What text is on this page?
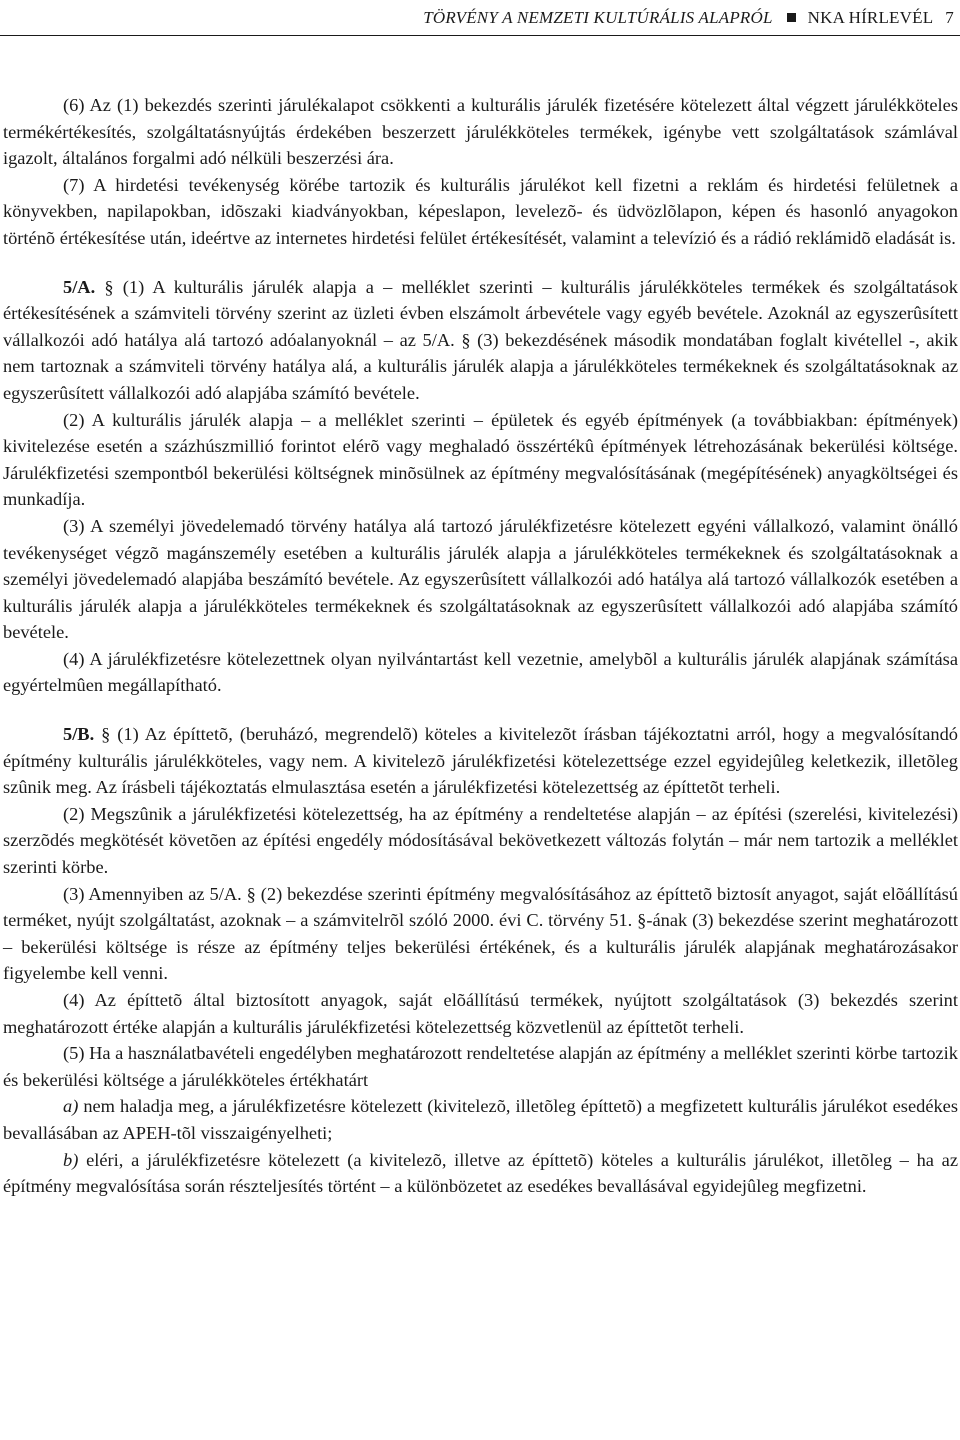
TÖRVÉNY A NEMZETI KULTÚRÁLIS ALAPRÓL NKA HÍRLEVÉL 7

(6) Az (1) bekezdés szerinti járulékalapot csökkenti a kulturális járulék fizetésére kötelezett által végzett járulékköteles termékértékesítés, szolgáltatásnyújtás érdekében beszerzett járulékköteles termékek, igénybe vett szolgáltatások számlával igazolt, általános forgalmi adó nélküli beszerzési ára.

(7) A hirdetési tevékenység körébe tartozik és kulturális járulékot kell fizetni a reklám és hirdetési felületnek a könyvekben, napilapokban, idõszaki kiadványokban, képeslapon, levelezõ- és üdvözlõlapon, képen és hasonló anyagokon történõ értékesítése után, ideértve az internetes hirdetési felület értékesítését, valamint a televízió és a rádió reklámidõ eladását is.

5/A. § (1) A kulturális járulék alapja a – melléklet szerinti – kulturális járulékköteles termékek és szolgáltatások értékesítésének a számviteli törvény szerint az üzleti évben elszámolt árbevétele vagy egyéb bevétele. Azoknál az egyszerûsített vállalkozói adó hatálya alá tartozó adóalanyoknál – az 5/A. § (3) bekezdésének második mondatában foglalt kivétellel -, akik nem tartoznak a számviteli törvény hatálya alá, a kulturális járulék alapja a járulékköteles termékeknek és szolgáltatásoknak az egyszerûsített vállalkozói adó alapjába számító bevétele.

(2) A kulturális járulék alapja – a melléklet szerinti – épületek és egyéb építmények (a továbbiakban: építmények) kivitelezése esetén a százhúszmillió forintot elérõ vagy meghaladó összértékû építmények létrehozásának bekerülési költsége. Járulékfizetési szempontból bekerülési költségnek minõsülnek az építmény megvalósításának (megépítésének) anyagköltségei és munkadíja.

(3) A személyi jövedelemadó törvény hatálya alá tartozó járulékfizetésre kötelezett egyéni vállalkozó, valamint önálló tevékenységet végzõ magánszemély esetében a kulturális járulék alapja a járulékköteles termékeknek és szolgáltatásoknak a személyi jövedelemadó alapjába beszámító bevétele. Az egyszerûsített vállalkozói adó hatálya alá tartozó vállalkozók esetében a kulturális járulék alapja a járulékköteles termékeknek és szolgáltatásoknak az egyszerûsített vállalkozói adó alapjába számító bevétele.

(4) A járulékfizetésre kötelezettnek olyan nyilvántartást kell vezetnie, amelybõl a kulturális járulék alapjának számítása egyértelmûen megállapítható.

5/B. § (1) Az építtetõ, (beruházó, megrendelõ) köteles a kivitelezõt írásban tájékoztatni arról, hogy a megvalósítandó építmény kulturális járulékköteles, vagy nem. A kivitelezõ járulékfizetési kötelezettsége ezzel egyidejûleg keletkezik, illetõleg szûnik meg. Az írásbeli tájékoztatás elmulasztása esetén a járulékfizetési kötelezettség az építtetõt terheli.

(2) Megszûnik a járulékfizetési kötelezettség, ha az építmény a rendeltetése alapján – az építési (szerelési, kivitelezési) szerzõdés megkötését követõen az építési engedély módosításával bekövetkezett változás folytán – már nem tartozik a melléklet szerinti körbe.

(3) Amennyiben az 5/A. § (2) bekezdése szerinti építmény megvalósításához az építtetõ biztosít anyagot, saját elõállítású terméket, nyújt szolgáltatást, azoknak – a számvitelrõl szóló 2000. évi C. törvény 51. §-ának (3) bekezdése szerint meghatározott – bekerülési költsége is része az építmény teljes bekerülési értékének, és a kulturális járulék alapjának meghatározásakor figyelembe kell venni.

(4) Az építtetõ által biztosított anyagok, saját elõállítású termékek, nyújtott szolgáltatások (3) bekezdés szerint meghatározott értéke alapján a kulturális járulékfizetési kötelezettség közvetlenül az építtetõt terheli.

(5) Ha a használatbavételi engedélyben meghatározott rendeltetése alapján az építmény a melléklet szerinti körbe tartozik és bekerülési költsége a járulékköteles értékhatárt

a) nem haladja meg, a járulékfizetésre kötelezett (kivitelezõ, illetõleg építtetõ) a megfizetett kulturális járulékot esedékes bevallásában az APEH-tõl visszaigényelheti;

b) eléri, a járulékfizetésre kötelezett (a kivitelezõ, illetve az építtetõ) köteles a kulturális járulékot, illetõleg – ha az építmény megvalósítása során részteljesítés történt – a különbözetet az esedékes bevallásával egyidejûleg megfizetni.
